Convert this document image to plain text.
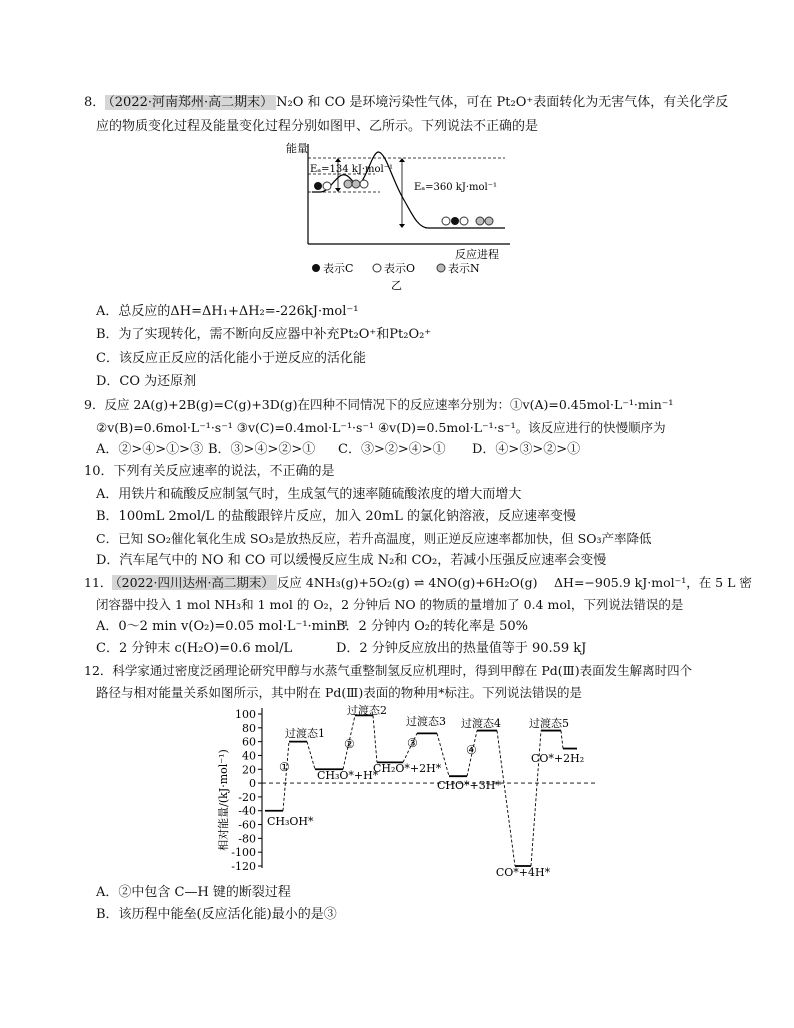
8． （2022·河南郑州·高二期末） N₂O 和 CO 是环境污染性气体，可在 Pt₂O⁺表面转化为无害气体，有关化学反
应的物质变化过程及能量变化过程分别如图甲、乙所示。下列说法不正确的是
能量
Eₐ=134 kJ·mol⁻¹
Eₐ=360 kJ·mol⁻¹
反应进程
表示C	表示O	表示N
乙
A．总反应的ΔH=ΔH₁+ΔH₂=-226kJ·mol⁻¹
B．为了实现转化，需不断向反应器中补充Pt₂O⁺和Pt₂O₂⁺
C．该反应正反应的活化能小于逆反应的活化能
D．CO 为还原剂
9．反应 2A(g)+2B(g)=C(g)+3D(g)在四种不同情况下的反应速率分别为：①v(A)=0.45mol·L⁻¹·min⁻¹
②v(B)=0.6mol·L⁻¹·s⁻¹ ③v(C)=0.4mol·L⁻¹·s⁻¹ ④v(D)=0.5mol·L⁻¹·s⁻¹。该反应进行的快慢顺序为
A．②>④>①>③ B．③>④>②>① C．③>②>④>① D．④>③>②>①
10．下列有关反应速率的说法，不正确的是
A．用铁片和硫酸反应制氢气时，生成氢气的速率随硫酸浓度的增大而增大
B．100mL 2mol/L 的盐酸跟锌片反应，加入 20mL 的氯化钠溶液，反应速率变慢
C．已知 SO₂催化氧化生成 SO₃是放热反应，若升高温度，则正逆反应速率都加快，但 SO₃产率降低
D．汽车尾气中的 NO 和 CO 可以缓慢反应生成 N₂和 CO₂，若减小压强反应速率会变慢
11． （2022·四川达州·高二期末） 反应 4NH₃(g)+5O₂(g) ⇌ 4NO(g)+6H₂O(g)　 ΔH=−905.9 kJ·mol⁻¹，在 5 L 密
闭容器中投入 1 mol NH₃和 1 mol 的 O₂，2 分钟后 NO 的物质的量增加了 0.4 mol，下列说法错误的是
A．0～2 min v(O₂)=0.05 mol·L⁻¹·min⁻¹
B．2 分钟内 O₂的转化率是 50%
C．2 分钟末 c(H₂O)=0.6 mol/L	D．2 分钟反应放出的热量值等于 90.59 kJ
12．科学家通过密度泛函理论研究甲醇与水蒸气重整制氢反应机理时，得到甲醇在 Pd(Ⅲ)表面发生解离时四个
路径与相对能量关系如图所示，其中附在 Pd(Ⅲ)表面的物种用*标注。下列说法错误的是
100
80
60
40
20
0
-20
-40
-60
-80
-100
-120
CH₃OH*
过渡态1
CH₃O*+H*
过渡态2
CH₂O*+2H*
过渡态3
CHO*+3H*
过渡态4
CO*+4H*
过渡态5
CO*+2H₂
①
②	③	④
相对能量/(kJ·mol⁻¹)
A．②中包含 C—H 键的断裂过程
B．该历程中能垒(反应活化能)最小的是③
